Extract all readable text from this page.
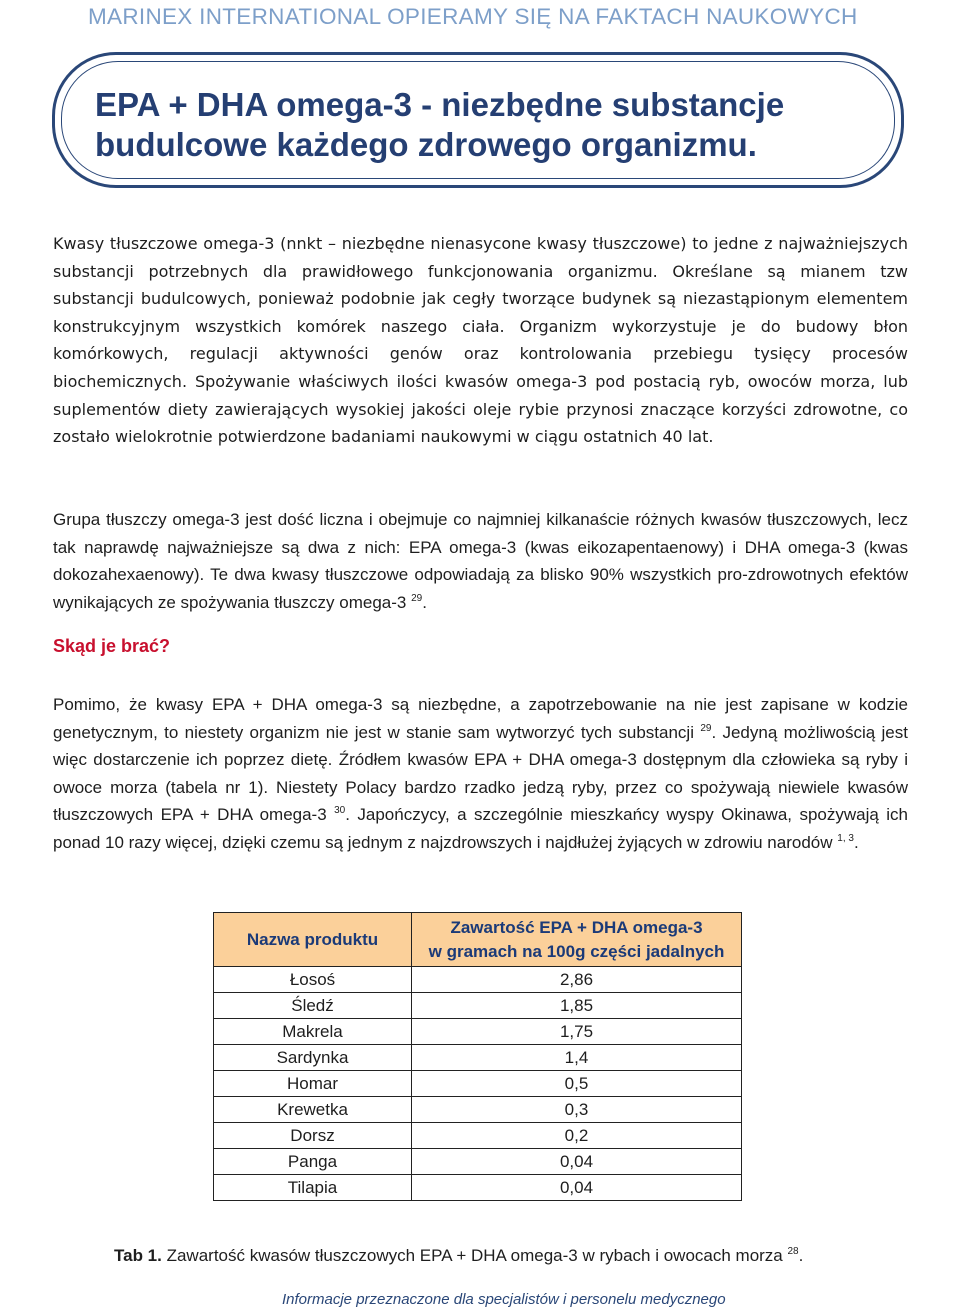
MARINEX INTERNATIONAL OPIERAMY SIĘ NA FAKTACH NAUKOWYCH
EPA + DHA omega-3 - niezbędne substancje
budulcowe każdego zdrowego organizmu.

Kwasy tłuszczowe omega-3 (nnkt – niezbędne nienasycone kwasy tłuszczowe) to jedne z najważniejszych substancji potrzebnych dla prawidłowego funkcjonowania organizmu. Określane są mianem tzw substancji budulcowych, ponieważ podobnie jak cegły tworzące budynek są niezastąpionym elementem konstrukcyjnym wszystkich komórek naszego ciała. Organizm wykorzystuje je do budowy błon komórkowych, regulacji aktywności genów oraz kontrolowania przebiegu tysięcy procesów biochemicznych. Spożywanie właściwych ilości kwasów omega-3 pod postacią ryb, owoców morza, lub suplementów diety zawierających wysokiej jakości oleje rybie przynosi znaczące korzyści zdrowotne, co zostało wielokrotnie potwierdzone badaniami naukowymi w ciągu ostatnich 40 lat.

Grupa tłuszczy omega-3 jest dość liczna i obejmuje co najmniej kilkanaście różnych kwasów tłuszczowych, lecz tak naprawdę najważniejsze są dwa z nich: EPA omega-3 (kwas eikozapentaenowy) i DHA omega-3 (kwas dokozahexaenowy). Te dwa kwasy tłuszczowe odpowiadają za blisko 90% wszystkich pro-zdrowotnych efektów wynikających ze spożywania tłuszczy omega-3 $^{29}$.

Skąd je brać?

Pomimo, że kwasy EPA + DHA omega-3 są niezbędne, a zapotrzebowanie na nie jest zapisane w kodzie genetycznym, to niestety organizm nie jest w stanie sam wytworzyć tych substancji $^{29}$. Jedyną możliwością jest więc dostarczenie ich poprzez dietę. Źródłem kwasów EPA + DHA omega-3 dostępnym dla człowieka są ryby i owoce morza (tabela nr 1). Niestety Polacy bardzo rzadko jedzą ryby, przez co spożywają niewiele kwasów tłuszczowych EPA + DHA omega-3 $^{30}$. Japończycy, a szczególnie mieszkańcy wyspy Okinawa, spożywają ich ponad 10 razy więcej, dzięki czemu są jednym z najzdrowszych i najdłużej żyjących w zdrowiu narodów $^{1, 3}$.

Nazwa produktu	Zawartość EPA + DHA omega-3
w gramach na 100g części jadalnych
Łosoś	2,86
Śledź	1,85
Makrela	1,75
Sardynka	1,4
Homar	0,5
Krewetka	0,3
Dorsz	0,2
Panga	0,04
Tilapia	0,04

Tab 1. Zawartość kwasów tłuszczowych EPA + DHA omega-3 w rybach i owocach morza $^{28}$.

Informacje przeznaczone dla specjalistów i personelu medycznego
